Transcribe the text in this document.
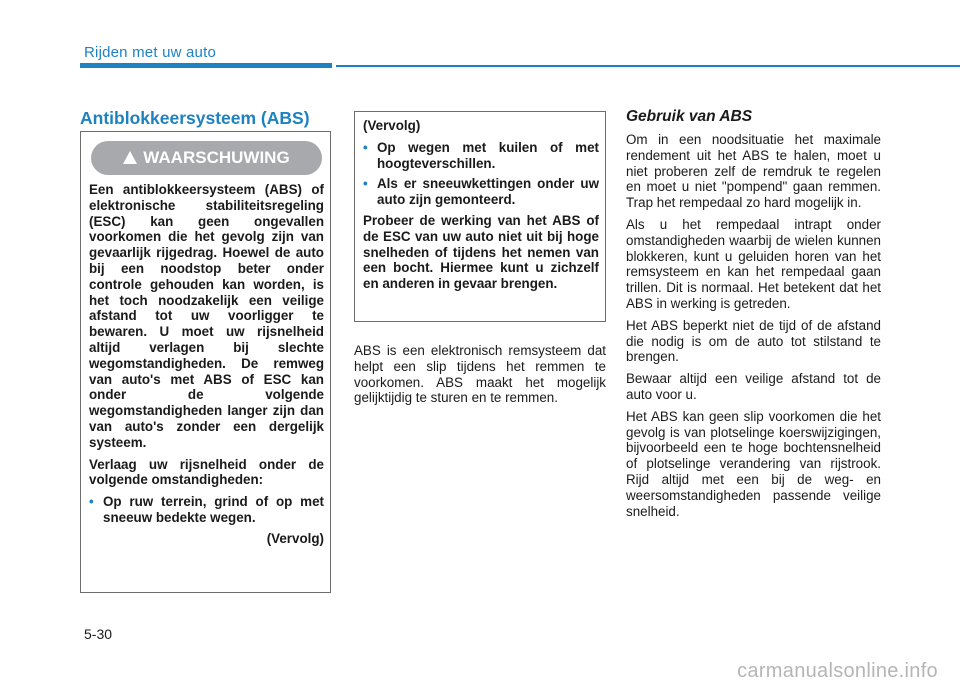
Rijden met uw auto
Antiblokkeersysteem (ABS)
WAARSCHUWING

Een antiblokkeersysteem (ABS) of elektronische stabiliteitsregeling (ESC) kan geen ongevallen voorkomen die het gevolg zijn van gevaarlijk rijgedrag. Hoewel de auto bij een noodstop beter onder controle gehouden kan worden, is het toch noodzakelijk een veilige afstand tot uw voorligger te bewaren. U moet uw rijsnelheid altijd verlagen bij slechte wegomstandigheden. De remweg van auto's met ABS of ESC kan onder de volgende wegomstandigheden langer zijn dan van auto's zonder een dergelijk systeem.

Verlaag uw rijsnelheid onder de volgende omstandigheden:

• Op ruw terrein, grind of op met sneeuw bedekte wegen.
(Vervolg)

(Vervolg)

• Op wegen met kuilen of met hoogteverschillen.
• Als er sneeuwkettingen onder uw auto zijn gemonteerd.

Probeer de werking van het ABS of de ESC van uw auto niet uit bij hoge snelheden of tijdens het nemen van een bocht. Hiermee kunt u zichzelf en anderen in gevaar brengen.

ABS is een elektronisch remsysteem dat helpt een slip tijdens het remmen te voorkomen. ABS maakt het mogelijk gelijktijdig te sturen en te remmen.
Gebruik van ABS

Om in een noodsituatie het maximale rendement uit het ABS te halen, moet u niet proberen zelf de remdruk te regelen en moet u niet "pompend" gaan remmen. Trap het rempedaal zo hard mogelijk in.

Als u het rempedaal intrapt onder omstandigheden waarbij de wielen kunnen blokkeren, kunt u geluiden horen van het remsysteem en kan het rempedaal gaan trillen. Dit is normaal. Het betekent dat het ABS in werking is getreden.

Het ABS beperkt niet de tijd of de afstand die nodig is om de auto tot stilstand te brengen.

Bewaar altijd een veilige afstand tot de auto voor u.

Het ABS kan geen slip voorkomen die het gevolg is van plotselinge koerswijzigingen, bijvoorbeeld een te hoge bochtensnelheid of plotselinge verandering van rijstrook. Rijd altijd met een bij de weg- en weersomstandigheden passende veilige snelheid.

5-30
carmanualsonline.info
